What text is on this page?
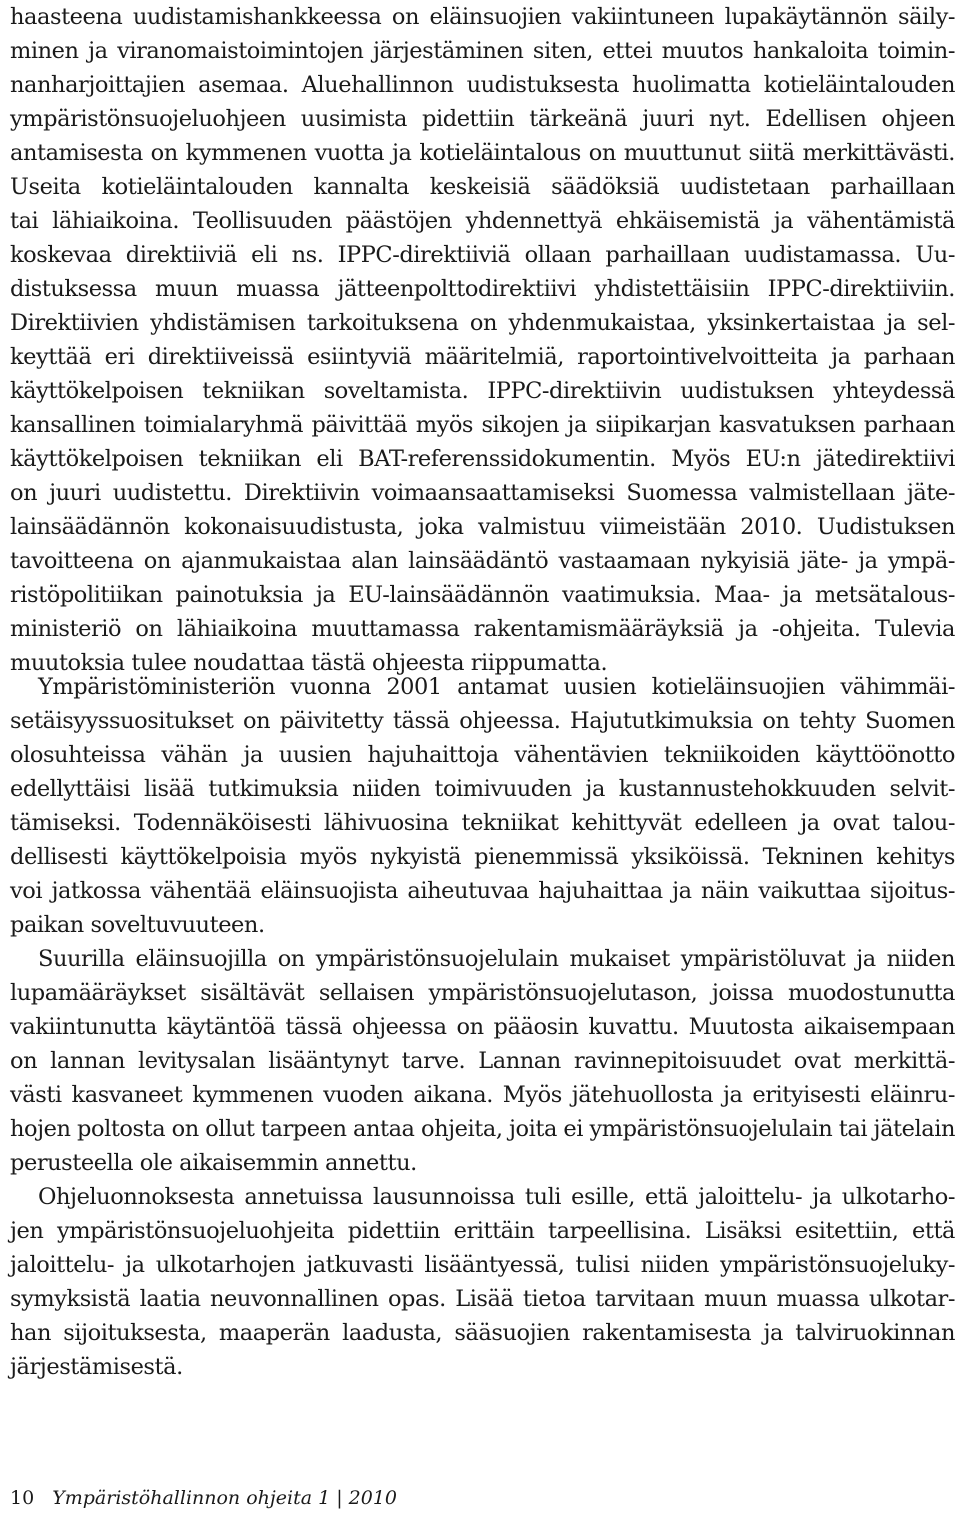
haasteena uudistamishankkeessa on eläinsuojien vakiintuneen lupakäytännön säily-
minen ja viranomaistoimintojen järjestäminen siten, ettei muutos hankaloita toimin-
nanharjoittajien asemaa. Aluehallinnon uudistuksesta huolimatta kotieläintalouden
ympäristönsuojeluohjeen uusimista pidettiin tärkeänä juuri nyt. Edellisen ohjeen
antamisesta on kymmenen vuotta ja kotieläintalous on muuttunut siitä merkittävästi.
Useita kotieläintalouden kannalta keskeisiä säädöksiä uudistetaan parhaillaan
tai lähiaikoina. Teollisuuden päästöjen yhdennettyä ehkäisemistä ja vähentämistä
koskevaa direktiiviä eli ns. IPPC-direktiiviä ollaan parhaillaan uudistamassa. Uu-
distuksessa muun muassa jätteenpolttodirektiivi yhdistettäisiin IPPC-direktiiviin.
Direktiivien yhdistämisen tarkoituksena on yhdenmukaistaa, yksinkertaistaa ja sel-
keyttää eri direktiiveissä esiintyviä määritelmiä, raportointivelvoitteita ja parhaan
käyttökelpoisen tekniikan soveltamista. IPPC-direktiivin uudistuksen yhteydessä
kansallinen toimialaryhmä päivittää myös sikojen ja siipikarjan kasvatuksen parhaan
käyttökelpoisen tekniikan eli BAT-referenssidokumentin. Myös EU:n jätedirektiivi
on juuri uudistettu. Direktiivin voimaansaattamiseksi Suomessa valmistellaan jäte-
lainsäädännön kokonaisuudistusta, joka valmistuu viimeistään 2010. Uudistuksen
tavoitteena on ajanmukaistaa alan lainsäädäntö vastaamaan nykyisiä jäte- ja ympä-
ristöpolitiikan painotuksia ja EU-lainsäädännön vaatimuksia. Maa- ja metsätalous-
ministeriö on lähiaikoina muuttamassa rakentamismääräyksiä ja -ohjeita. Tulevia
muutoksia tulee noudattaa tästä ohjeesta riippumatta.
Ympäristöministeriön vuonna 2001 antamat uusien kotieläinsuojien vähimmäi-
setäisyyssuositukset on päivitetty tässä ohjeessa. Hajututkimuksia on tehty Suomen
olosuhteissa vähän ja uusien hajuhaittoja vähentävien tekniikoiden käyttöönotto
edellyttäisi lisää tutkimuksia niiden toimivuuden ja kustannustehokkuuden selvit-
tämiseksi. Todennäköisesti lähivuosina tekniikat kehittyvät edelleen ja ovat talou-
dellisesti käyttökelpoisia myös nykyistä pienemmissä yksiköissä. Tekninen kehitys
voi jatkossa vähentää eläinsuojista aiheutuvaa hajuhaittaa ja näin vaikuttaa sijoitus-
paikan soveltuvuuteen.
Suurilla eläinsuojilla on ympäristönsuojelulain mukaiset ympäristöluvat ja niiden
lupamääräykset sisältävät sellaisen ympäristönsuojelutason, joissa muodostunutta
vakiintunutta käytäntöä tässä ohjeessa on pääosin kuvattu. Muutosta aikaisempaan
on lannan levitysalan lisääntynyt tarve. Lannan ravinnepitoisuudet ovat merkittä-
västi kasvaneet kymmenen vuoden aikana. Myös jätehuollosta ja erityisesti eläinru-
hojen poltosta on ollut tarpeen antaa ohjeita, joita ei ympäristönsuojelulain tai jätelain
perusteella ole aikaisemmin annettu.
Ohjeluonnoksesta annetuissa lausunnoissa tuli esille, että jaloittelu- ja ulkotarho-
jen ympäristönsuojeluohjeita pidettiin erittäin tarpeellisina. Lisäksi esitettiin, että
jaloittelu- ja ulkotarhojen jatkuvasti lisääntyessä, tulisi niiden ympäristönsuojeluky-
symyksistä laatia neuvonnallinen opas. Lisää tietoa tarvitaan muun muassa ulkotar-
han sijoituksesta, maaperän laadusta, sääsuojien rakentamisesta ja talviruokinnan
järjestämisestä.
10 Ympäristöhallinnon ohjeita 1 | 2010
